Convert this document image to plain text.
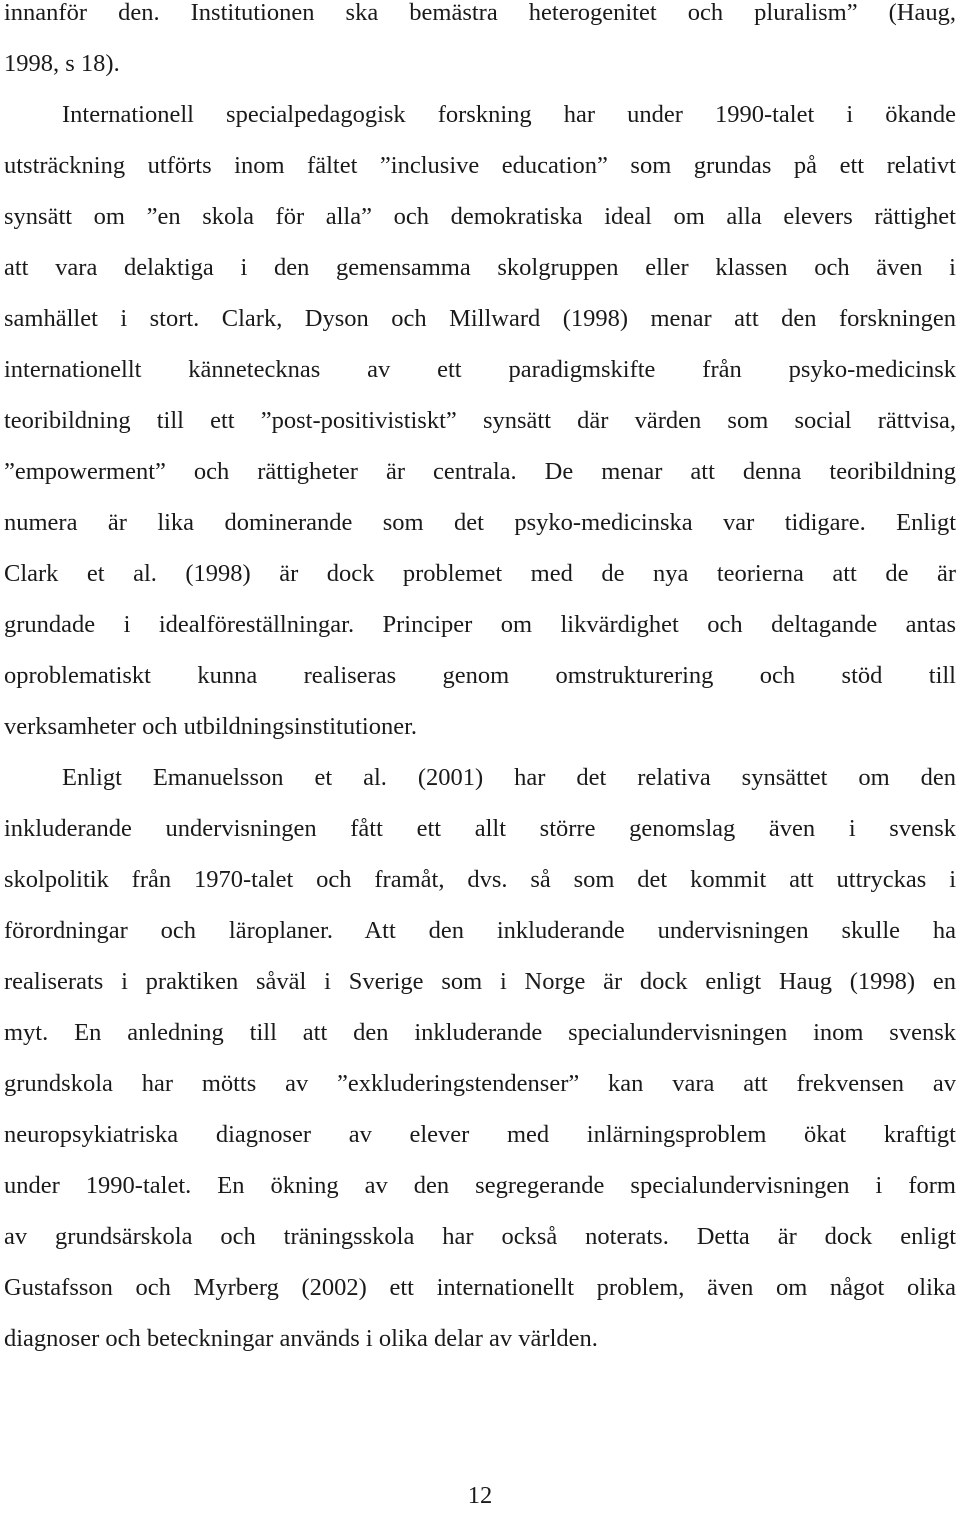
innanför den. Institutionen ska bemästra heterogenitet och pluralism” (Haug,
1998, s 18).
Internationell specialpedagogisk forskning har under 1990-talet i ökande
utsträckning utförts inom fältet ”inclusive education” som grundas på ett relativt
synsätt om ”en skola för alla” och demokratiska ideal om alla elevers rättighet
att vara delaktiga i den gemensamma skolgruppen eller klassen och även i
samhället i stort. Clark, Dyson och Millward (1998) menar att den forskningen
internationellt kännetecknas av ett paradigmskifte från psyko-medicinsk
teoribildning till ett ”post-positivistiskt” synsätt där värden som social rättvisa,
”empowerment” och rättigheter är centrala. De menar att denna teoribildning
numera är lika dominerande som det psyko-medicinska var tidigare. Enligt
Clark et al. (1998) är dock problemet med de nya teorierna att de är
grundade i idealföreställningar. Principer om likvärdighet och deltagande antas
oproblematiskt kunna realiseras genom omstrukturering och stöd till
verksamheter och utbildningsinstitutioner.
Enligt Emanuelsson et al. (2001) har det relativa synsättet om den
inkluderande undervisningen fått ett allt större genomslag även i svensk
skolpolitik från 1970-talet och framåt, dvs. så som det kommit att uttryckas i
förordningar och läroplaner. Att den inkluderande undervisningen skulle ha
realiserats i praktiken såväl i Sverige som i Norge är dock enligt Haug (1998) en
myt. En anledning till att den inkluderande specialundervisningen inom svensk
grundskola har mötts av ”exkluderingstendenser” kan vara att frekvensen av
neuropsykiatriska diagnoser av elever med inlärningsproblem ökat kraftigt
under 1990-talet. En ökning av den segregerande specialundervisningen i form
av grundsärskola och träningsskola har också noterats. Detta är dock enligt
Gustafsson och Myrberg (2002) ett internationellt problem, även om något olika
diagnoser och beteckningar används i olika delar av världen.
12
